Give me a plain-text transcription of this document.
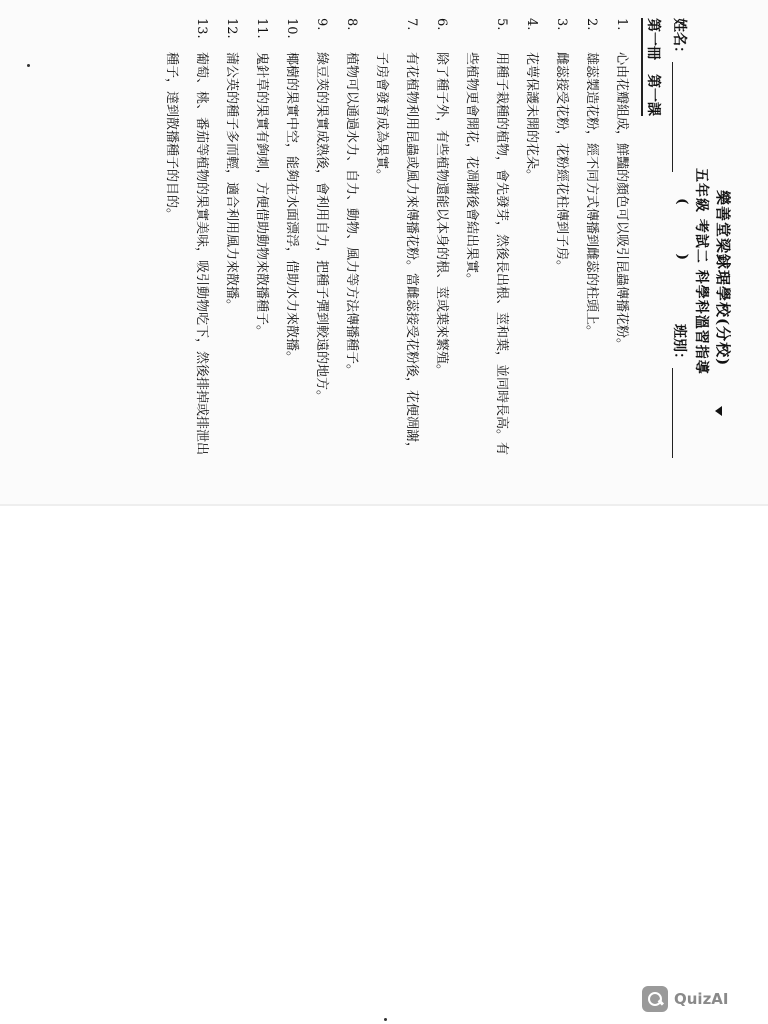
樂善堂梁銶琚學校(分校)
五年級 考試二 科學科溫習指導
姓名：
( )
班別：
第一冊　第一課
1.心由花瓣組成，鮮豔的顏色可以吸引昆蟲傳播花粉。
2.雄蕊製造花粉，經不同方式傳播到雌蕊的柱頭上。
3.雌蕊接受花粉，花粉經花柱傳到子房。
4.花萼保護未開的花朵。
5.用種子栽種的植物，會先發芽，然後長出根、莖和葉，並同時長高。有
些植物更會開花，花凋謝後會結出果實。
6.除了種子外，有些植物還能以本身的根、莖或葉來繁殖。
7.有花植物利用昆蟲或風力來傳播花粉。當雌蕊接受花粉後，花便凋謝，
子房會發育成為果實。
8.植物可以通過水力、自力、動物、風力等方法傳播種子。
9.綠豆莢的果實成熟後，會利用自力，把種子彈到較遠的地方。
10.椰樹的果實中空，能夠在水面漂浮，借助水力來散播。
11.鬼針草的果實有鉤刺，方便借助動物來散播種子。
12.蒲公英的種子多而輕，適合利用風力來散播。
13.葡萄、桃、番茄等植物的果實美味，吸引動物吃下，然後排掉或排泄出
種子，達到散播種子的目的。
QuizAI
